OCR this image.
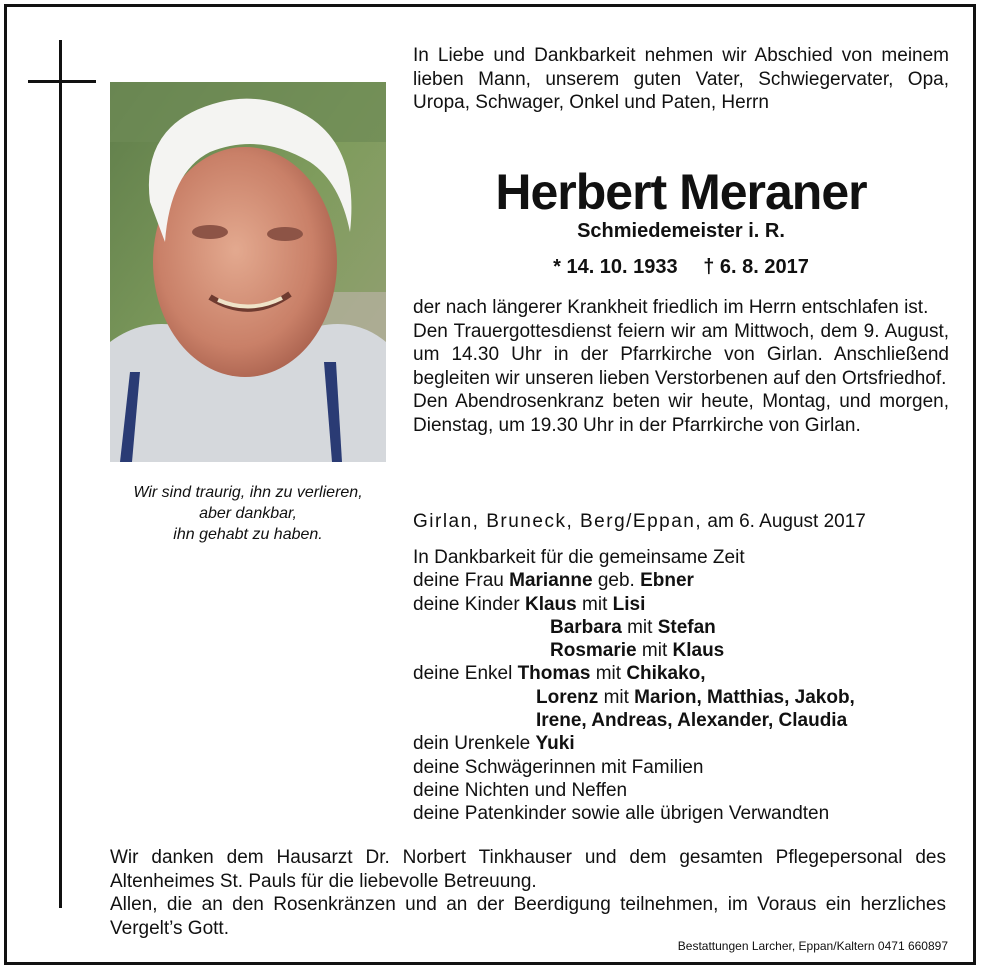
Wir sind traurig, ihn zu verlieren,
aber dankbar,
ihn gehabt zu haben.

In Liebe und Dankbarkeit nehmen wir Abschied von meinem lieben Mann, unserem guten Vater, Schwiegervater, Opa, Uropa, Schwager, Onkel und Paten, Herrn

Herbert Meraner
Schmiedemeister i. R.
* 14. 10. 1933 † 6. 8. 2017

der nach längerer Krankheit friedlich im Herrn entschlafen ist.

Den Trauergottesdienst feiern wir am Mittwoch, dem 9. August, um 14.30 Uhr in der Pfarrkirche von Girlan. Anschließend begleiten wir unseren lieben Verstorbenen auf den Ortsfriedhof.

Den Abendrosenkranz beten wir heute, Montag, und morgen, Dienstag, um 19.30 Uhr in der Pfarrkirche von Girlan.

Girlan, Bruneck, Berg/Eppan, am 6. August 2017
In Dankbarkeit für die gemeinsame Zeit
deine Frau Marianne geb. Ebner
deine Kinder Klaus mit Lisi
Barbara mit Stefan
Rosmarie mit Klaus
deine Enkel Thomas mit Chikako,
Lorenz mit Marion, Matthias, Jakob,
Irene, Andreas, Alexander, Claudia
dein Urenkele Yuki
deine Schwägerinnen mit Familien
deine Nichten und Neffen
deine Patenkinder sowie alle übrigen Verwandten

Wir danken dem Hausarzt Dr. Norbert Tinkhauser und dem gesamten Pflegepersonal des Altenheimes St. Pauls für die liebevolle Betreuung.

Allen, die an den Rosenkränzen und an der Beerdigung teilnehmen, im Voraus ein herzliches Vergelt’s Gott.

Bestattungen Larcher, Eppan/Kaltern 0471 660897
